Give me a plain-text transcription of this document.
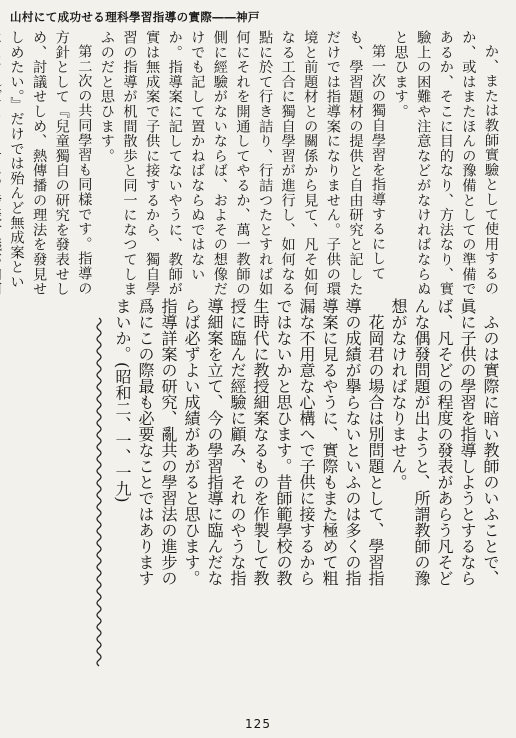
山村にて成功せる理科學習指導の實際――神戸

か、または教師實驗として使用するのか、或はまたほんの豫備としての準備であるか、そこに目的なり、方法なり、實驗上の困難や注意などがなければならぬと思ひます。

第一次の獨自學習を指導するにしても、學習題材の提供と自由研究と記しただけでは指導案になりません。子供の環境と前題材との關係から見て、凡そ如何なる工合に獨自學習が進行し、如何なる點に於て行き詰り、行詰つたとすれば如何にそれを開通してやるか、萬一教師の側に經驗がないならば、およその想像だけでも記して置かねばならぬではないか。指導案に記してないやうに、教師が實は無成案で子供に接するから、獨自學習の指導が机間散歩と同一になつてしまふのだと思ひます。

第二次の共同學習も同樣です。指導の方針として『兒童獨自の研究を發表せしめ、討議せしめ、熱傳播の理法を發見せしめたい。』だけでは殆んど無成案とい

ふのは實際に暗い教師のいふことで、眞に子供の學習を指導しようとするならば、凡そどの程度の發表があらう凡そどんな偶發問題が出ようと、所謂教師の豫想がなければなりません。

花岡君の場合は別問題として、學習指導の成績が擧らないといふのは多くの指導案に見るやうに、實際もまた極めて粗漏な不用意な心構へで子供に接するからではないかと思ひます。昔師範學校の教生時代に教授細案なるものを作製して教授に臨んだ經驗に顧み、それのやうな指導細案を立て、今の學習指導に臨んだならば必ずよい成績があがると思ひます。指導詳案の研究、亂共の學習法の進步の爲にこの際最も必要なことではありますまいか。(昭和二、一、一九)

125
